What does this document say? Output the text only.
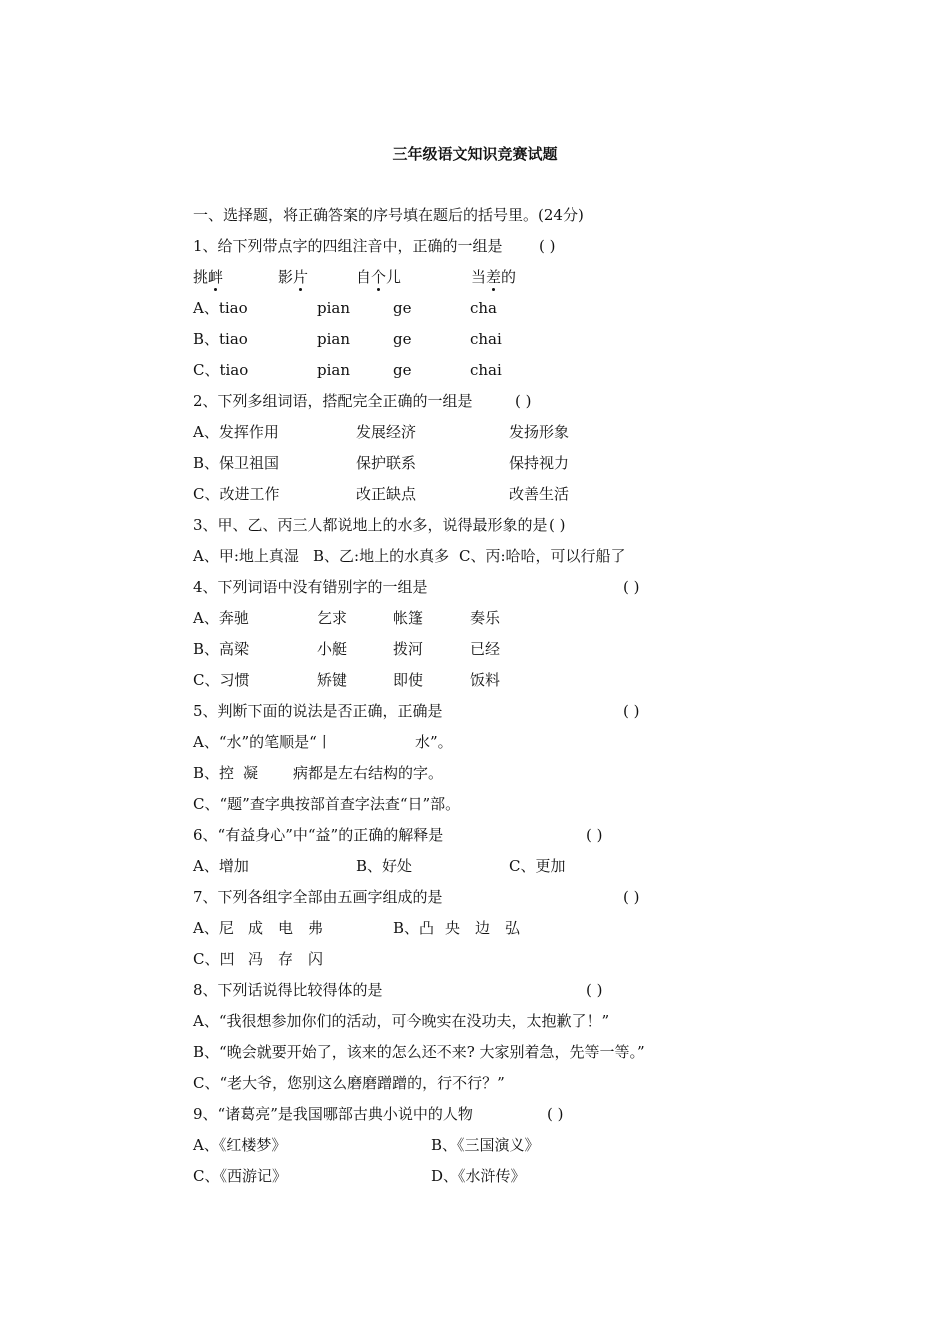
三年级语文知识竞赛试题
一、选择题，将正确答案的序号填在题后的括号里。(24分)
1、给下列带点字的四组注音中，正确的一组是 ( )
挑衅	影片	自个儿	当差的
A、tiao	pian	ge	cha
B、tiao	pian	ge	chai
C、tiao	pian	ge	chai
2、下列多组词语，搭配完全正确的一组是	( )
A、发挥作用	发展经济	发扬形象
B、保卫祖国	保护联系	保持视力
C、改进工作	改正缺点	改善生活
3、甲、乙、丙三人都说地上的水多，说得最形象的是 ( )
A、甲:地上真湿 B、乙:地上的水真多 C、丙:哈哈，可以行船了
4、下列词语中没有错别字的一组是	( )
A、奔驰	乞求	帐篷	奏乐
B、高梁	小艇	拨河	已经
C、习惯	矫键	即使	饭料
5、判断下面的说法是否正确，正确是	( )
A、“水”的笔顺是“丨	水”。
B、控 凝 病都是左右结构的字。
C、“题”查字典按部首查字法查“日”部。
6、“有益身心”中“益”的正确的解释是	( )
A、增加	B、好处	C、更加
7、下列各组字全部由五画字组成的是	( )
A、尼 成 电 弗	B、凸 央 边 弘
C、凹 冯 存 闪
8、下列话说得比较得体的是	( )
A、“我很想参加你们的活动，可今晚实在没功夫，太抱歉了！”
B、“晚会就要开始了，该来的怎么还不来? 大家别着急，先等一等。”
C、“老大爷，您别这么磨磨蹭蹭的，行不行？”
9、“诸葛亮”是我国哪部古典小说中的人物	( )
A、《红楼梦》	B、《三国演义》
C、《西游记》	D、《水浒传》
